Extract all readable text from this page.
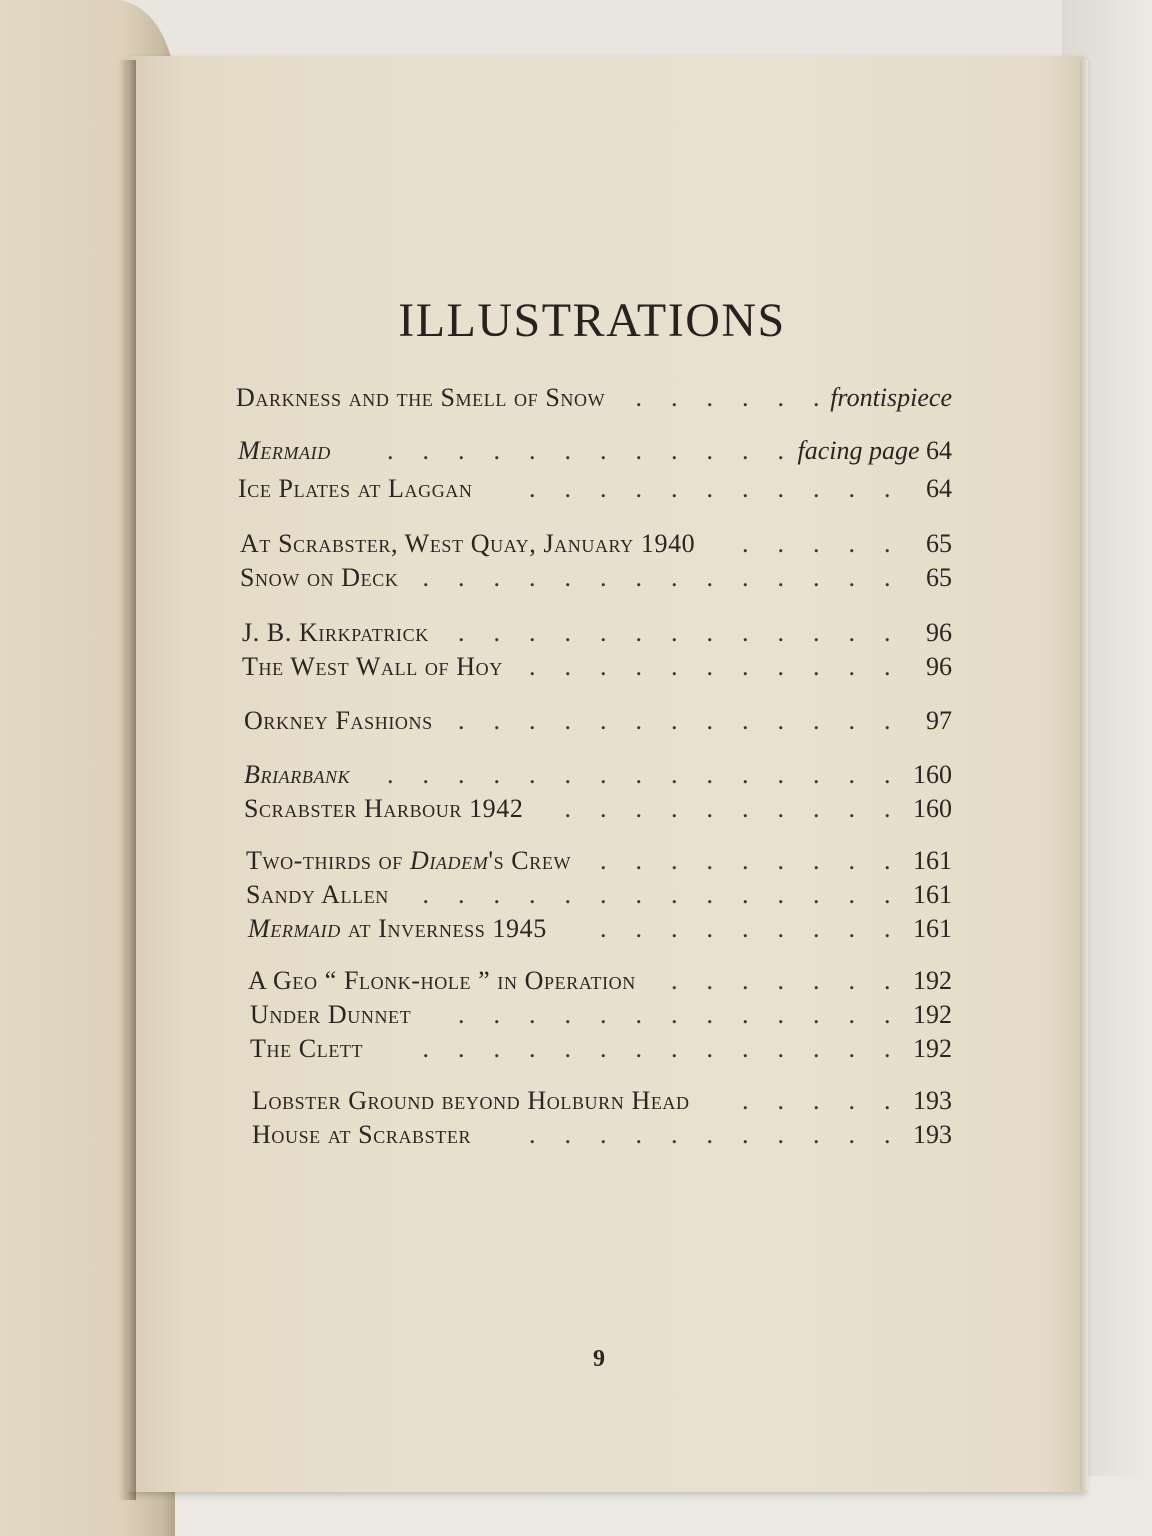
ILLUSTRATIONS
Darkness and the Smell of Snow	frontispiece
. . . . . .
Mermaid	facing page 64
. . . . . . . . . . . .
Ice Plates at Laggan	64
. . . . . . . . . . .
At Scrabster, West Quay, January 1940	65
. . . . .
Snow on Deck	65
. . . . . . . . . . . . . .
J. B. Kirkpatrick	96
. . . . . . . . . . . . .
The West Wall of Hoy	96
. . . . . . . . . . .
Orkney Fashions	97
. . . . . . . . . . . . .
Briarbank	160
. . . . . . . . . . . . . . .
Scrabster Harbour 1942	160
. . . . . . . . . .
Two-thirds of Diadem's Crew	161
. . . . . . . . .
Sandy Allen	161
. . . . . . . . . . . . . .
Mermaid at Inverness 1945	161
. . . . . . . . .
A Geo “ Flonk-hole ” in Operation	192
. . . . . . .
Under Dunnet	192
. . . . . . . . . . . . .
The Clett	192
. . . . . . . . . . . . . .
Lobster Ground beyond Holburn Head	193
. . . . .
House at Scrabster	193
. . . . . . . . . . .
9
